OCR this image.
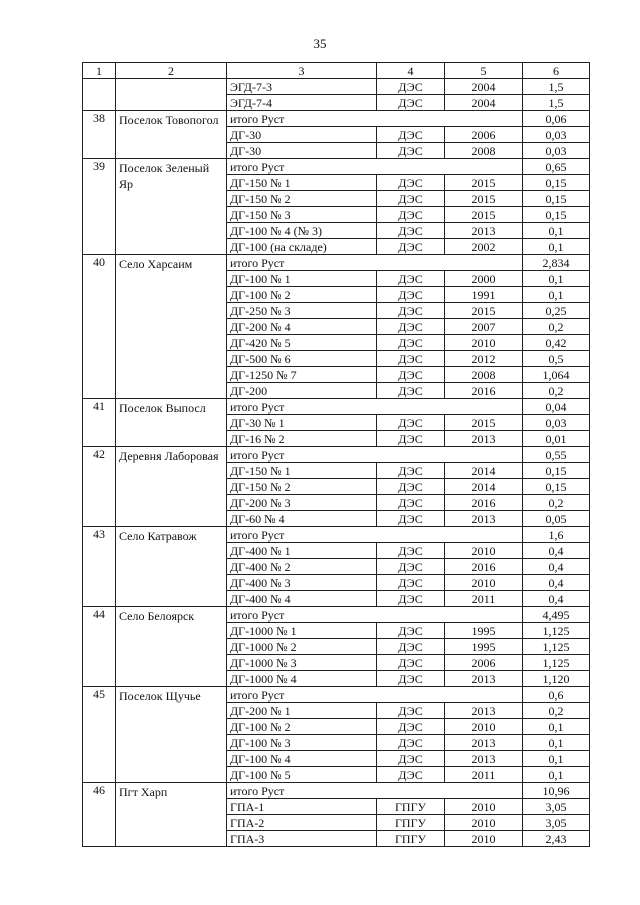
35
1	2	3	4	5	6
		ЭГД-7-3	ДЭС	2004	1,5
		ЭГД-7-4	ДЭС	2004	1,5
38	Поселок Товопогол	итого Руст			0,06
		ДГ-30	ДЭС	2006	0,03
		ДГ-30	ДЭС	2008	0,03
39	Поселок Зеленый Яр	итого Руст			0,65
		ДГ-150 № 1	ДЭС	2015	0,15
		ДГ-150 № 2	ДЭС	2015	0,15
		ДГ-150 № 3	ДЭС	2015	0,15
		ДГ-100 № 4 (№ 3)	ДЭС	2013	0,1
		ДГ-100 (на складе)	ДЭС	2002	0,1
40	Село Харсаим	итого Руст			2,834
		ДГ-100 № 1	ДЭС	2000	0,1
		ДГ-100 № 2	ДЭС	1991	0,1
		ДГ-250 № 3	ДЭС	2015	0,25
		ДГ-200 № 4	ДЭС	2007	0,2
		ДГ-420 № 5	ДЭС	2010	0,42
		ДГ-500 № 6	ДЭС	2012	0,5
		ДГ-1250 № 7	ДЭС	2008	1,064
		ДГ-200	ДЭС	2016	0,2
41	Поселок Выпосл	итого Руст			0,04
		ДГ-30 № 1	ДЭС	2015	0,03
		ДГ-16 № 2	ДЭС	2013	0,01
42	Деревня Лаборовая	итого Руст			0,55
		ДГ-150 № 1	ДЭС	2014	0,15
		ДГ-150 № 2	ДЭС	2014	0,15
		ДГ-200 № 3	ДЭС	2016	0,2
		ДГ-60 № 4	ДЭС	2013	0,05
43	Село Катравож	итого Руст			1,6
		ДГ-400 № 1	ДЭС	2010	0,4
		ДГ-400 № 2	ДЭС	2016	0,4
		ДГ-400 № 3	ДЭС	2010	0,4
		ДГ-400 № 4	ДЭС	2011	0,4
44	Село Белоярск	итого Руст			4,495
		ДГ-1000 № 1	ДЭС	1995	1,125
		ДГ-1000 № 2	ДЭС	1995	1,125
		ДГ-1000 № 3	ДЭС	2006	1,125
		ДГ-1000 № 4	ДЭС	2013	1,120
45	Поселок Щучье	итого Руст			0,6
		ДГ-200 № 1	ДЭС	2013	0,2
		ДГ-100 № 2	ДЭС	2010	0,1
		ДГ-100 № 3	ДЭС	2013	0,1
		ДГ-100 № 4	ДЭС	2013	0,1
		ДГ-100 № 5	ДЭС	2011	0,1
46	Пгт Харп	итого Руст			10,96
		ГПА-1	ГПГУ	2010	3,05
		ГПА-2	ГПГУ	2010	3,05
		ГПА-3	ГПГУ	2010	2,43
